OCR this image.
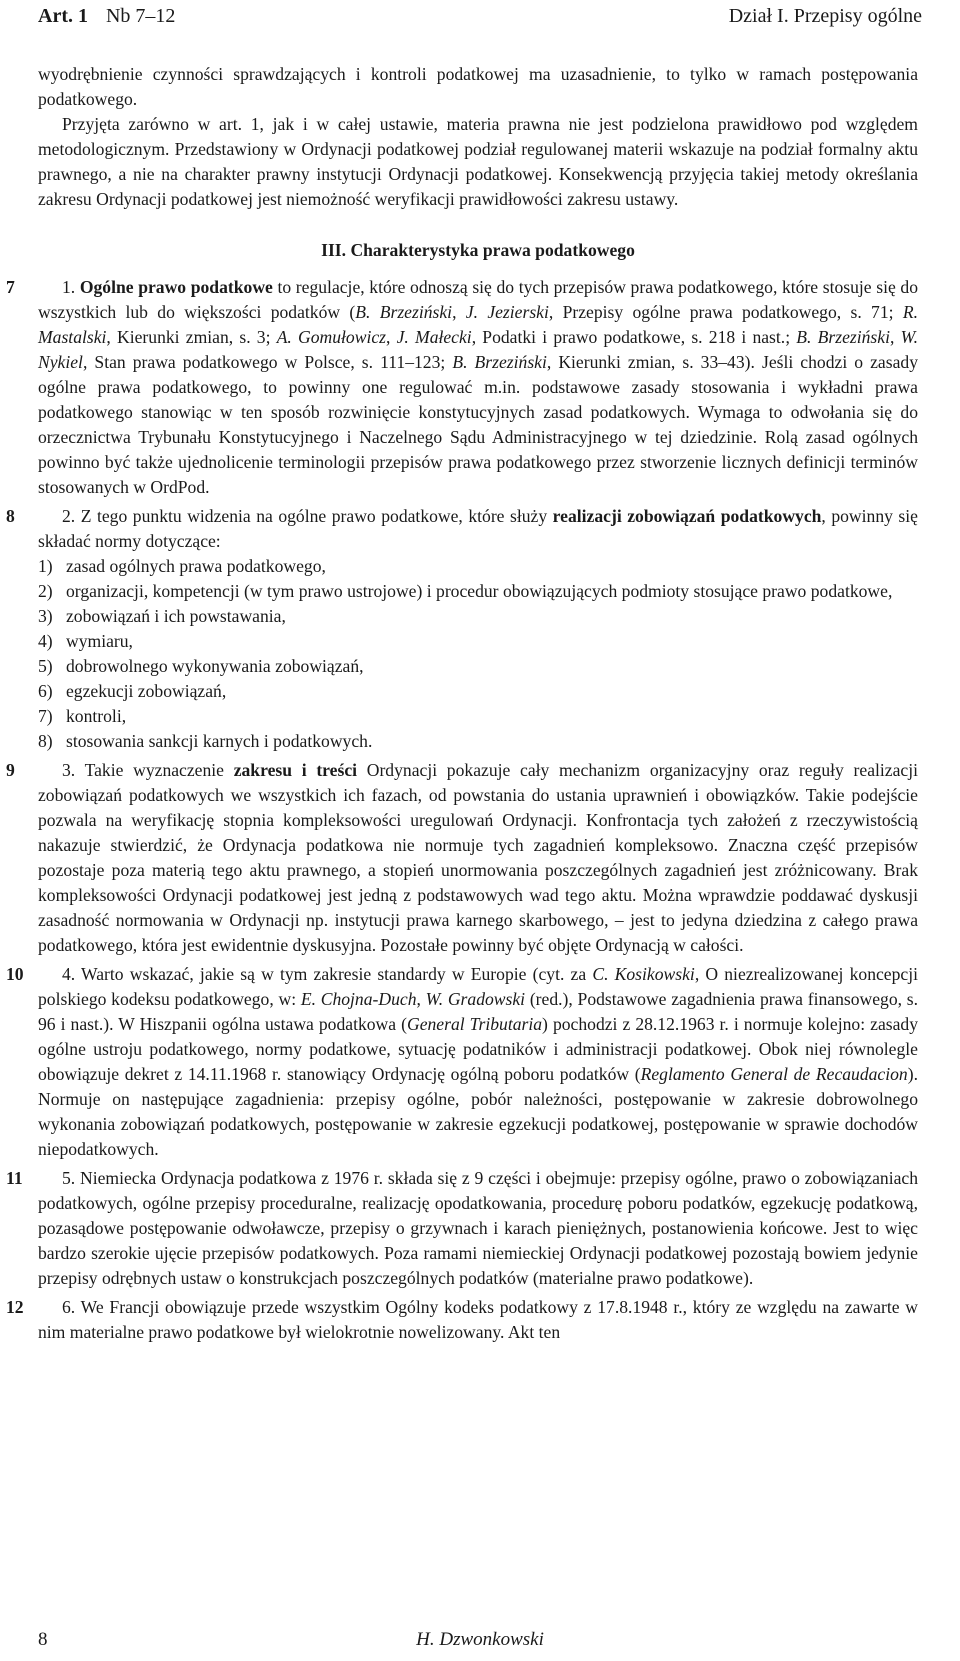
Art. 1 Nb 7–12	Dział I. Przepisy ogólne

wyodrębnienie czynności sprawdzających i kontroli podatkowej ma uzasadnienie, to tylko w ramach postępowania podatkowego.

Przyjęta zarówno w art. 1, jak i w całej ustawie, materia prawna nie jest podzielona prawidłowo pod względem metodologicznym. Przedstawiony w Ordynacji podatkowej podział regulowanej materii wskazuje na podział formalny aktu prawnego, a nie na charakter prawny instytucji Ordynacji podatkowej. Konsekwencją przyjęcia takiej metody określania zakresu Ordynacji podatkowej jest niemożność weryfikacji prawidłowości zakresu ustawy.

III. Charakterystyka prawa podatkowego

7	1. Ogólne prawo podatkowe to regulacje, które odnoszą się do tych przepisów prawa podatkowego, które stosuje się do wszystkich lub do większości podatków (B. Brzeziński, J. Jezierski, Przepisy ogólne prawa podatkowego, s. 71; R. Mastalski, Kierunki zmian, s. 3; A. Gomułowicz, J. Małecki, Podatki i prawo podatkowe, s. 218 i nast.; B. Brzeziński, W. Nykiel, Stan prawa podatkowego w Polsce, s. 111–123; B. Brzeziński, Kierunki zmian, s. 33–43). Jeśli chodzi o zasady ogólne prawa podatkowego, to powinny one regulować m.in. podstawowe zasady stosowania i wykładni prawa podatkowego stanowiąc w ten sposób rozwinięcie konstytucyjnych zasad podatkowych. Wymaga to odwołania się do orzecznictwa Trybunału Konstytucyjnego i Naczelnego Sądu Administracyjnego w tej dziedzinie. Rolą zasad ogólnych powinno być także ujednolicenie terminologii przepisów prawa podatkowego przez stworzenie licznych definicji terminów stosowanych w OrdPod.

8	2. Z tego punktu widzenia na ogólne prawo podatkowe, które służy realizacji zobowiązań podatkowych, powinny się składać normy dotyczące:

1) zasad ogólnych prawa podatkowego,
2) organizacji, kompetencji (w tym prawo ustrojowe) i procedur obowiązujących podmioty stosujące prawo podatkowe,
3) zobowiązań i ich powstawania,
4) wymiaru,
5) dobrowolnego wykonywania zobowiązań,
6) egzekucji zobowiązań,
7) kontroli,
8) stosowania sankcji karnych i podatkowych.

9	3. Takie wyznaczenie zakresu i treści Ordynacji pokazuje cały mechanizm organizacyjny oraz reguły realizacji zobowiązań podatkowych we wszystkich ich fazach, od powstania do ustania uprawnień i obowiązków. Takie podejście pozwala na weryfikację stopnia kompleksowości uregulowań Ordynacji. Konfrontacja tych założeń z rzeczywistością nakazuje stwierdzić, że Ordynacja podatkowa nie normuje tych zagadnień kompleksowo. Znaczna część przepisów pozostaje poza materią tego aktu prawnego, a stopień unormowania poszczególnych zagadnień jest zróżnicowany. Brak kompleksowości Ordynacji podatkowej jest jedną z podstawowych wad tego aktu. Można wprawdzie poddawać dyskusji zasadność normowania w Ordynacji np. instytucji prawa karnego skarbowego, – jest to jedyna dziedzina z całego prawa podatkowego, która jest ewidentnie dyskusyjna. Pozostałe powinny być objęte Ordynacją w całości.

10	4. Warto wskazać, jakie są w tym zakresie standardy w Europie (cyt. za C. Kosikowski, O niezrealizowanej koncepcji polskiego kodeksu podatkowego, w: E. Chojna-Duch, W. Gradowski (red.), Podstawowe zagadnienia prawa finansowego, s. 96 i nast.). W Hiszpanii ogólna ustawa podatkowa (General Tributaria) pochodzi z 28.12.1963 r. i normuje kolejno: zasady ogólne ustroju podatkowego, normy podatkowe, sytuację podatników i administracji podatkowej. Obok niej równolegle obowiązuje dekret z 14.11.1968 r. stanowiący Ordynację ogólną poboru podatków (Reglamento General de Recaudacion). Normuje on następujące zagadnienia: przepisy ogólne, pobór należności, postępowanie w zakresie dobrowolnego wykonania zobowiązań podatkowych, postępowanie w zakresie egzekucji podatkowej, postępowanie w sprawie dochodów niepodatkowych.

11	5. Niemiecka Ordynacja podatkowa z 1976 r. składa się z 9 części i obejmuje: przepisy ogólne, prawo o zobowiązaniach podatkowych, ogólne przepisy proceduralne, realizację opodatkowania, procedurę poboru podatków, egzekucję podatkową, pozasądowe postępowanie odwoławcze, przepisy o grzywnach i karach pieniężnych, postanowienia końcowe. Jest to więc bardzo szerokie ujęcie przepisów podatkowych. Poza ramami niemieckiej Ordynacji podatkowej pozostają bowiem jedynie przepisy odrębnych ustaw o konstrukcjach poszczególnych podatków (materialne prawo podatkowe).

12	6. We Francji obowiązuje przede wszystkim Ogólny kodeks podatkowy z 17.8.1948 r., który ze względu na zawarte w nim materialne prawo podatkowe był wielokrotnie nowelizowany. Akt ten

8	H. Dzwonkowski
